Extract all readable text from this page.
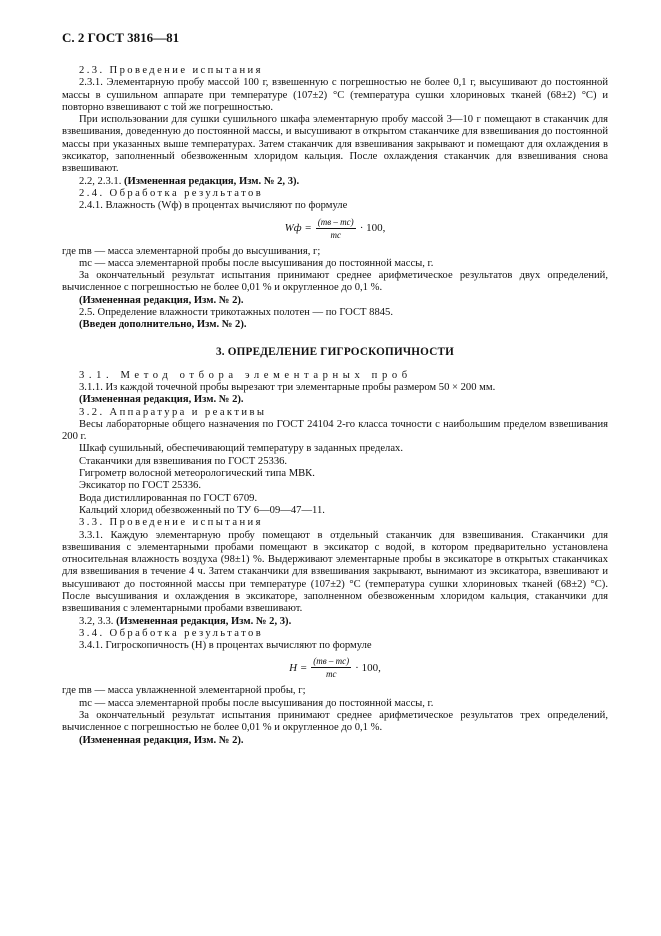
С. 2 ГОСТ 3816—81

2.3. Проведение испытания

2.3.1. Элементарную пробу массой 100 г, взвешенную с погрешностью не более 0,1 г, высушивают до постоянной массы в сушильном аппарате при температуре (107±2) °С (температура сушки хлориновых тканей (68±2) °С) и повторно взвешивают с той же погрешностью.

При использовании для сушки сушильного шкафа элементарную пробу массой 3—10 г помещают в стаканчик для взвешивания, доведенную до постоянной массы, и высушивают в открытом стаканчике для взвешивания до постоянной массы при указанных выше температурах. Затем стаканчик для взвешивания закрывают и помещают для охлаждения в эксикатор, заполненный обезвоженным хлоридом кальция. После охлаждения стаканчик для взвешивания снова взвешивают.

2.2, 2.3.1. (Измененная редакция, Изм. № 2, 3).

2.4. Обработка результатов

2.4.1. Влажность (Wф) в процентах вычисляют по формуле

Wф = $\frac{(mв - mс)}{mс} \cdot 100$,

где mв — масса элементарной пробы до высушивания, г;

mс — масса элементарной пробы после высушивания до постоянной массы, г.

За окончательный результат испытания принимают среднее арифметическое результатов двух определений, вычисленное с погрешностью не более 0,01 % и округленное до 0,1 %.

(Измененная редакция, Изм. № 2).

2.5. Определение влажности трикотажных полотен — по ГОСТ 8845.

(Введен дополнительно, Изм. № 2).

3. ОПРЕДЕЛЕНИЕ ГИГРОСКОПИЧНОСТИ

3.1. Метод отбора элементарных проб

3.1.1. Из каждой точечной пробы вырезают три элементарные пробы размером 50 × 200 мм.

(Измененная редакция, Изм. № 2).

3.2. Аппаратура и реактивы

Весы лабораторные общего назначения по ГОСТ 24104 2-го класса точности с наибольшим пределом взвешивания 200 г.

Шкаф сушильный, обеспечивающий температуру в заданных пределах.

Стаканчики для взвешивания по ГОСТ 25336.

Гигрометр волосной метеорологический типа МВК.

Эксикатор по ГОСТ 25336.

Вода дистиллированная по ГОСТ 6709.

Кальций хлорид обезвоженный по ТУ 6—09—47—11.

3.3. Проведение испытания

3.3.1. Каждую элементарную пробу помещают в отдельный стаканчик для взвешивания. Стаканчики для взвешивания с элементарными пробами помещают в эксикатор с водой, в котором предварительно установлена относительная влажность воздуха (98±1) %. Выдерживают элементарные пробы в эксикаторе в открытых стаканчиках для взвешивания в течение 4 ч. Затем стаканчики для взвешивания закрывают, вынимают из эксикатора, взвешивают и высушивают до постоянной массы при температуре (107±2) °С (температура сушки хлориновых тканей (68±2) °С). После высушивания и охлаждения в эксикаторе, заполненном обезвоженным хлоридом кальция, стаканчики для взвешивания с элементарными пробами взвешивают.

3.2, 3.3. (Измененная редакция, Изм. № 2, 3).

3.4. Обработка результатов

3.4.1. Гигроскопичность (Н) в процентах вычисляют по формуле

$Н = \frac{(mв - mс)}{mс} \cdot 100$,

где mв — масса увлажненной элементарной пробы, г;

mс — масса элементарной пробы после высушивания до постоянной массы, г.

За окончательный результат испытания принимают среднее арифметическое результатов трех определений, вычисленное с погрешностью не более 0,01 % и округленное до 0,1 %.

(Измененная редакция, Изм. № 2).
